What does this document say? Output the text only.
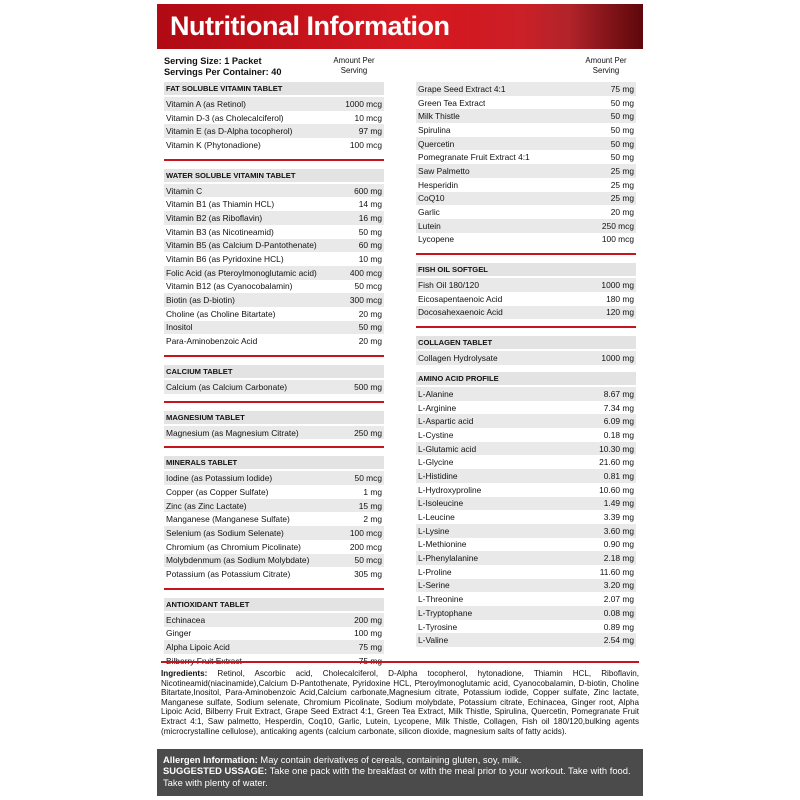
Nutritional Information
Serving Size: 1 Packet
Servings Per Container: 40
Amount Per Serving
FAT SOLUBLE VITAMIN TABLET
Vitamin A (as Retinol)	1000 mcg
Vitamin D-3 (as Cholecalciferol)	10 mcg
Vitamin E (as D-Alpha tocopherol)	97 mg
Vitamin K (Phytonadione)	100 mcg
WATER SOLUBLE VITAMIN TABLET
Vitamin C	600 mg
Vitamin B1 (as Thiamin HCL)	14 mg
Vitamin B2 (as Riboflavin)	16 mg
Vitamin B3 (as Nicotineamid)	50 mg
Vitamin B5 (as Calcium D-Pantothenate)	60 mg
Vitamin B6 (as Pyridoxine HCL)	10 mg
Folic Acid (as Pteroylmonoglutamic acid)	400 mcg
Vitamin B12 (as Cyanocobalamin)	50 mcg
Biotin (as D-biotin)	300 mcg
Choline (as Choline Bitartate)	20 mg
Inositol	50 mg
Para-Aminobenzoic Acid	20 mg
CALCIUM TABLET
Calcium (as Calcium Carbonate)	500 mg
MAGNESIUM TABLET
Magnesium (as Magnesium Citrate)	250 mg
MINERALS TABLET
Iodine (as Potassium Iodide)	50 mcg
Copper (as Copper Sulfate)	1 mg
Zinc (as Zinc Lactate)	15 mg
Manganese (Manganese Sulfate)	2 mg
Selenium (as Sodium Selenate)	100 mcg
Chromium (as Chromium Picolinate)	200 mcg
Molybdenmum (as Sodium Molybdate)	50 mcg
Potassium (as Potassium Citrate)	305 mg
ANTIOXIDANT TABLET
Echinacea	200 mg
Ginger	100 mg
Alpha Lipoic Acid	75 mg
Bilberry Fruit Extract	75 mg
Amount Per Serving
Grape Seed Extract 4:1	75 mg
Green Tea Extract	50 mg
Milk Thistle	50 mg
Spirulina	50 mg
Quercetin	50 mg
Pomegranate Fruit Extract 4:1	50 mg
Saw Palmetto	25 mg
Hesperidin	25 mg
CoQ10	25 mg
Garlic	20 mg
Lutein	250 mcg
Lycopene	100 mcg
FISH OIL SOFTGEL
Fish Oil 180/120	1000 mg
Eicosapentaenoic Acid	180 mg
Docosahexaenoic Acid	120 mg
COLLAGEN TABLET
Collagen Hydrolysate	1000 mg
AMINO ACID PROFILE
L-Alanine	8.67 mg
L-Arginine	7.34 mg
L-Aspartic acid	6.09 mg
L-Cystine	0.18 mg
L-Glutamic acid	10.30 mg
L-Glycine	21.60 mg
L-Histidine	0.81 mg
L-Hydroxyproline	10.60 mg
L-Isoleucine	1.49 mg
L-Leucine	3.39 mg
L-Lysine	3.60 mg
L-Methionine	0.90 mg
L-Phenylalanine	2.18 mg
L-Proline	11.60 mg
L-Serine	3.20 mg
L-Threonine	2.07 mg
L-Tryptophane	0.08 mg
L-Tyrosine	0.89 mg
L-Valine	2.54 mg
Ingredients: Retinol, Ascorbic acid, Cholecalciferol, D-Alpha tocopherol, hytonadione, Thiamin HCL, Riboflavin, Nicotineamid(niacinamide),Calcium D-Pantothenate, Pyridoxine HCL, Pteroylmonoglutamic acid, Cyanocobalamin, D-biotin, Choline Bitartate,Inositol, Para-Aminobenzoic Acid,Calcium carbonate,Magnesium citrate, Potassium iodide, Copper sulfate, Zinc lactate, Manganese sulfate, Sodium selenate, Chromium Picolinate, Sodium molybdate, Potassium citrate, Echinacea, Ginger root, Alpha Lipoic Acid, Bilberry Fruit Extract, Grape Seed Extract 4:1, Green Tea Extract, Milk Thistle, Spirulina, Quercetin, Pomegranate Fruit Extract 4:1, Saw palmetto, Hesperdin, Coq10, Garlic, Lutein, Lycopene, Milk Thistle, Collagen, Fish oil 180/120,bulking agents (microcrystalline cellulose), anticaking agents (calcium carbonate, silicon dioxide, magnesium salts of fatty acids).
Allergen Information: May contain derivatives of cereals, containing gluten, soy, milk.
SUGGESTED USSAGE: Take one pack with the breakfast or with the meal prior to your workout. Take with food. Take with plenty of water.
